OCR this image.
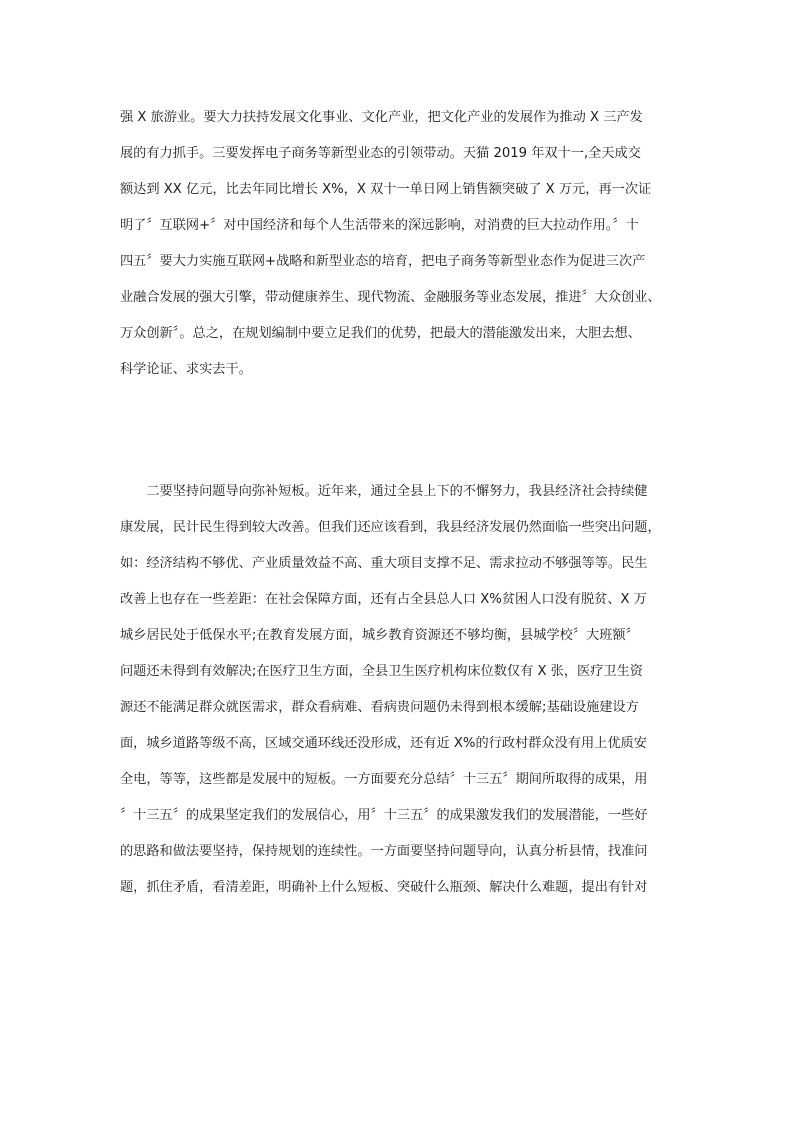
强 X 旅游业。要大力扶持发展文化事业、文化产业，把文化产业的发展作为推动 X 三产发
展的有力抓手。三要发挥电子商务等新型业态的引领带动。天猫 2019 年双十一,全天成交
额达到 XX 亿元，比去年同比增长 X%，X 双十一单日网上销售额突破了 X 万元，再一次证
明了〞互联网+〞对中国经济和每个人生活带来的深远影响，对消费的巨大拉动作用。〞十
四五〞要大力实施互联网+战略和新型业态的培育，把电子商务等新型业态作为促进三次产
业融合发展的强大引擎，带动健康养生、现代物流、金融服务等业态发展，推进〞大众创业、
万众创新〞。总之，在规划编制中要立足我们的优势，把最大的潜能激发出来，大胆去想、
科学论证、求实去干。
　　二要坚持问题导向弥补短板。近年来，通过全县上下的不懈努力，我县经济社会持续健
康发展，民计民生得到较大改善。但我们还应该看到，我县经济发展仍然面临一些突出问题，
如：经济结构不够优、产业质量效益不高、重大项目支撑不足、需求拉动不够强等等。民生
改善上也存在一些差距：在社会保障方面，还有占全县总人口 X%贫困人口没有脱贫、X 万
城乡居民处于低保水平;在教育发展方面，城乡教育资源还不够均衡，县城学校〞大班额〞
问题还未得到有效解决;在医疗卫生方面，全县卫生医疗机构床位数仅有 X 张，医疗卫生资
源还不能满足群众就医需求，群众看病难、看病贵问题仍未得到根本缓解;基础设施建设方
面，城乡道路等级不高，区域交通环线还没形成，还有近 X%的行政村群众没有用上优质安
全电，等等，这些都是发展中的短板。一方面要充分总结〞十三五〞期间所取得的成果，用
〞十三五〞的成果坚定我们的发展信心，用〞十三五〞的成果激发我们的发展潜能，一些好
的思路和做法要坚持，保持规划的连续性。一方面要坚持问题导向，认真分析县情，找准问
题，抓住矛盾，看清差距，明确补上什么短板、突破什么瓶颈、解决什么难题，提出有针对
